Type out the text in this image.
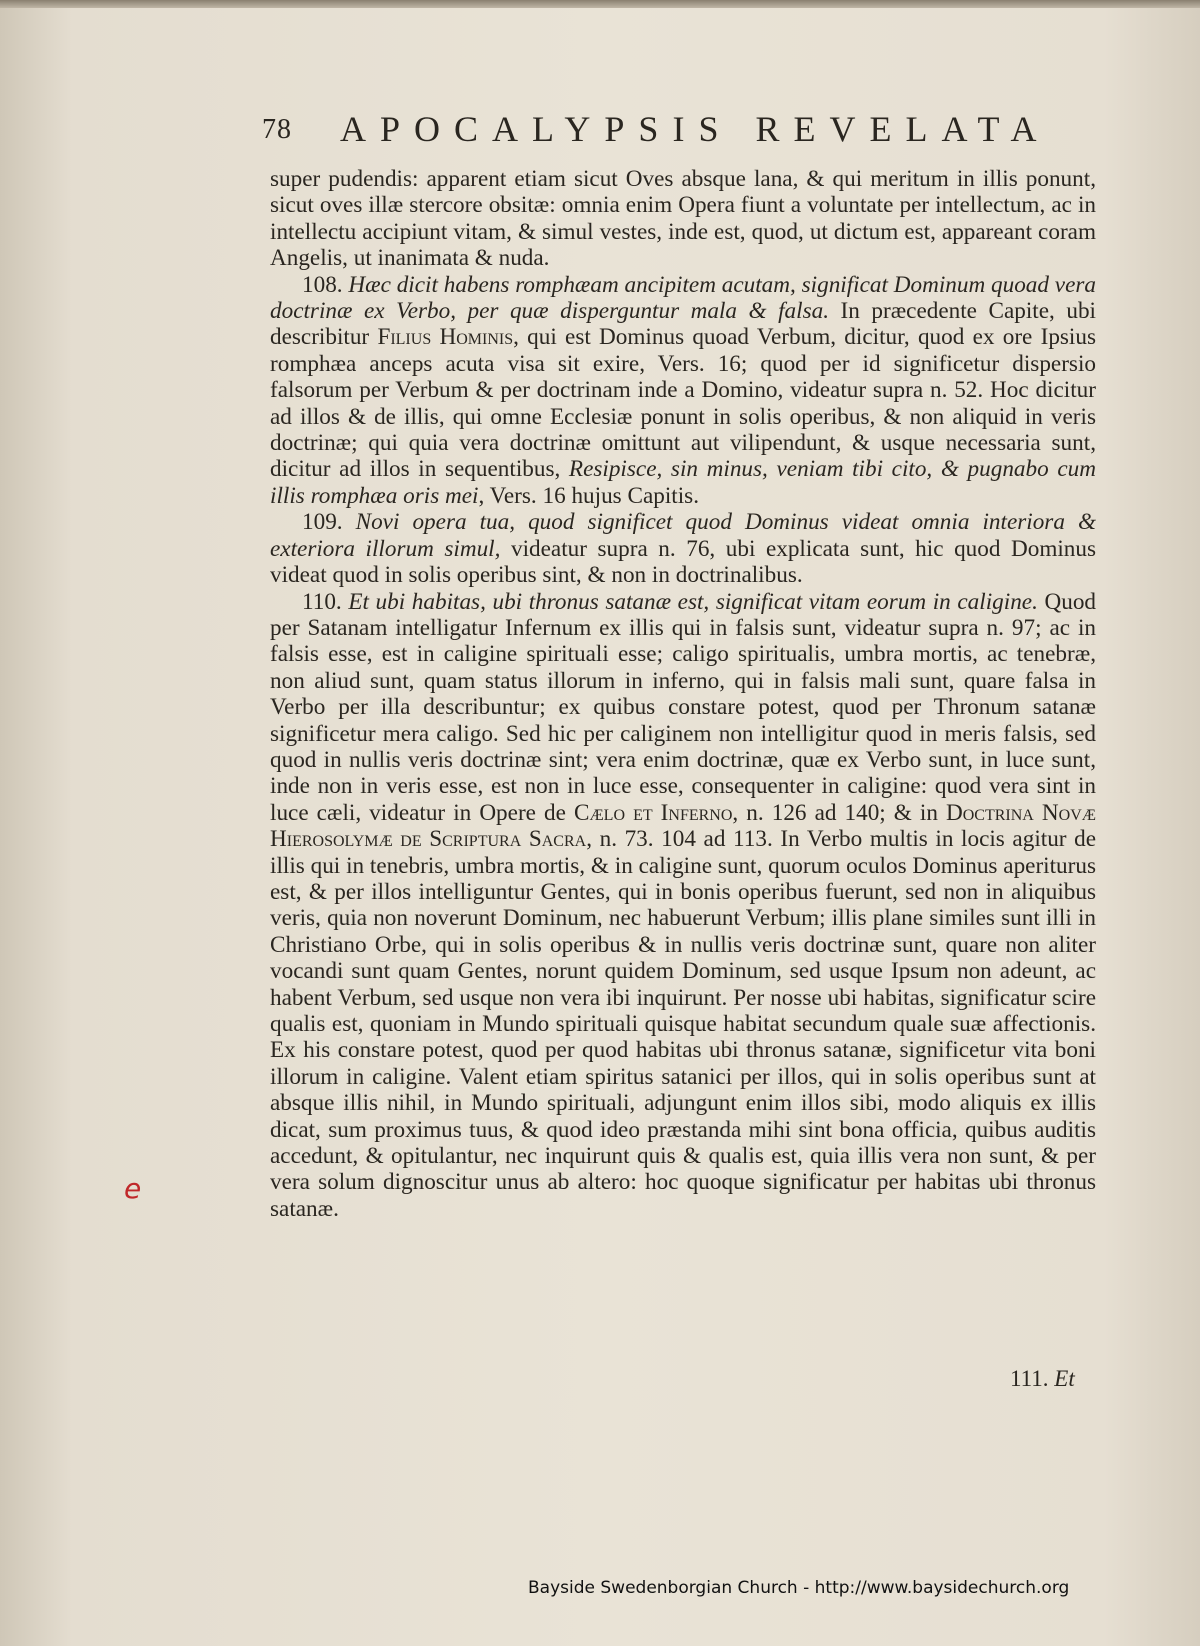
78 APOCALYPSIS REVELATA

super pudendis: apparent etiam sicut Oves absque lana, & qui meritum in illis ponunt, sicut oves illæ stercore obsitæ: omnia enim Opera fiunt a voluntate per intellectum, ac in intellectu accipiunt vitam, & simul vestes, inde est, quod, ut dictum est, appareant coram Angelis, ut inanimata & nuda.

108. Hæc dicit habens romphæam ancipitem acutam, significat Dominum quoad vera doctrinæ ex Verbo, per quæ disperguntur mala & falsa. In præcedente Capite, ubi describitur Filius Hominis, qui est Dominus quoad Verbum, dicitur, quod ex ore Ipsius romphæa anceps acuta visa sit exire, Vers. 16; quod per id significetur dispersio falsorum per Verbum & per doctrinam inde a Domino, videatur supra n. 52. Hoc dicitur ad illos & de illis, qui omne Ecclesiæ ponunt in solis operibus, & non aliquid in veris doctrinæ; qui quia vera doctrinæ omittunt aut vilipendunt, & usque necessaria sunt, dicitur ad illos in sequentibus, Resipisce, sin minus, veniam tibi cito, & pugnabo cum illis romphæa oris mei, Vers. 16 hujus Capitis.

109. Novi opera tua, quod significet quod Dominus videat omnia interiora & exteriora illorum simul, videatur supra n. 76, ubi explicata sunt, hic quod Dominus videat quod in solis operibus sint, & non in doctrinalibus.

110. Et ubi habitas, ubi thronus satanæ est, significat vitam eorum in caligine. Quod per Satanam intelligatur Infernum ex illis qui in falsis sunt, videatur supra n. 97; ac in falsis esse, est in caligine spirituali esse; caligo spiritualis, umbra mortis, ac tenebræ, non aliud sunt, quam status illorum in inferno, qui in falsis mali sunt, quare falsa in Verbo per illa describuntur; ex quibus constare potest, quod per Thronum satanæ significetur mera caligo. Sed hic per caliginem non intelligitur quod in meris falsis, sed quod in nullis veris doctrinæ sint; vera enim doctrinæ, quæ ex Verbo sunt, in luce sunt, inde non in veris esse, est non in luce esse, consequenter in caligine: quod vera sint in luce cæli, videatur in Opere de Cælo et Inferno, n. 126 ad 140; & in Doctrina Novæ Hierosolymæ de Scriptura Sacra, n. 73. 104 ad 113. In Verbo multis in locis agitur de illis qui in tenebris, umbra mortis, & in caligine sunt, quorum oculos Dominus aperiturus est, & per illos intelliguntur Gentes, qui in bonis operibus fuerunt, sed non in aliquibus veris, quia non noverunt Dominum, nec habuerunt Verbum; illis plane similes sunt illi in Christiano Orbe, qui in solis operibus & in nullis veris doctrinæ sunt, quare non aliter vocandi sunt quam Gentes, norunt quidem Dominum, sed usque Ipsum non adeunt, ac habent Verbum, sed usque non vera ibi inquirunt. Per nosse ubi habitas, significatur scire qualis est, quoniam in Mundo spirituali quisque habitat secundum quale suæ affectionis. Ex his constare potest, quod per quod habitas ubi thronus satanæ, significetur vita boni illorum in caligine. Valent etiam spiritus satanici per illos, qui in solis operibus sunt at absque illis nihil, in Mundo spirituali, adjungunt enim illos sibi, modo aliquis ex illis dicat, sum proximus tuus, & quod ideo præstanda mihi sint bona officia, quibus auditis accedunt, & opitulantur, nec inquirunt quis & qualis est, quia illis vera non sunt, & per vera solum dignoscitur unus ab altero: hoc quoque significatur per habitas ubi thronus satanæ.

111. Et
e
Bayside Swedenborgian Church - http://www.baysidechurch.org
